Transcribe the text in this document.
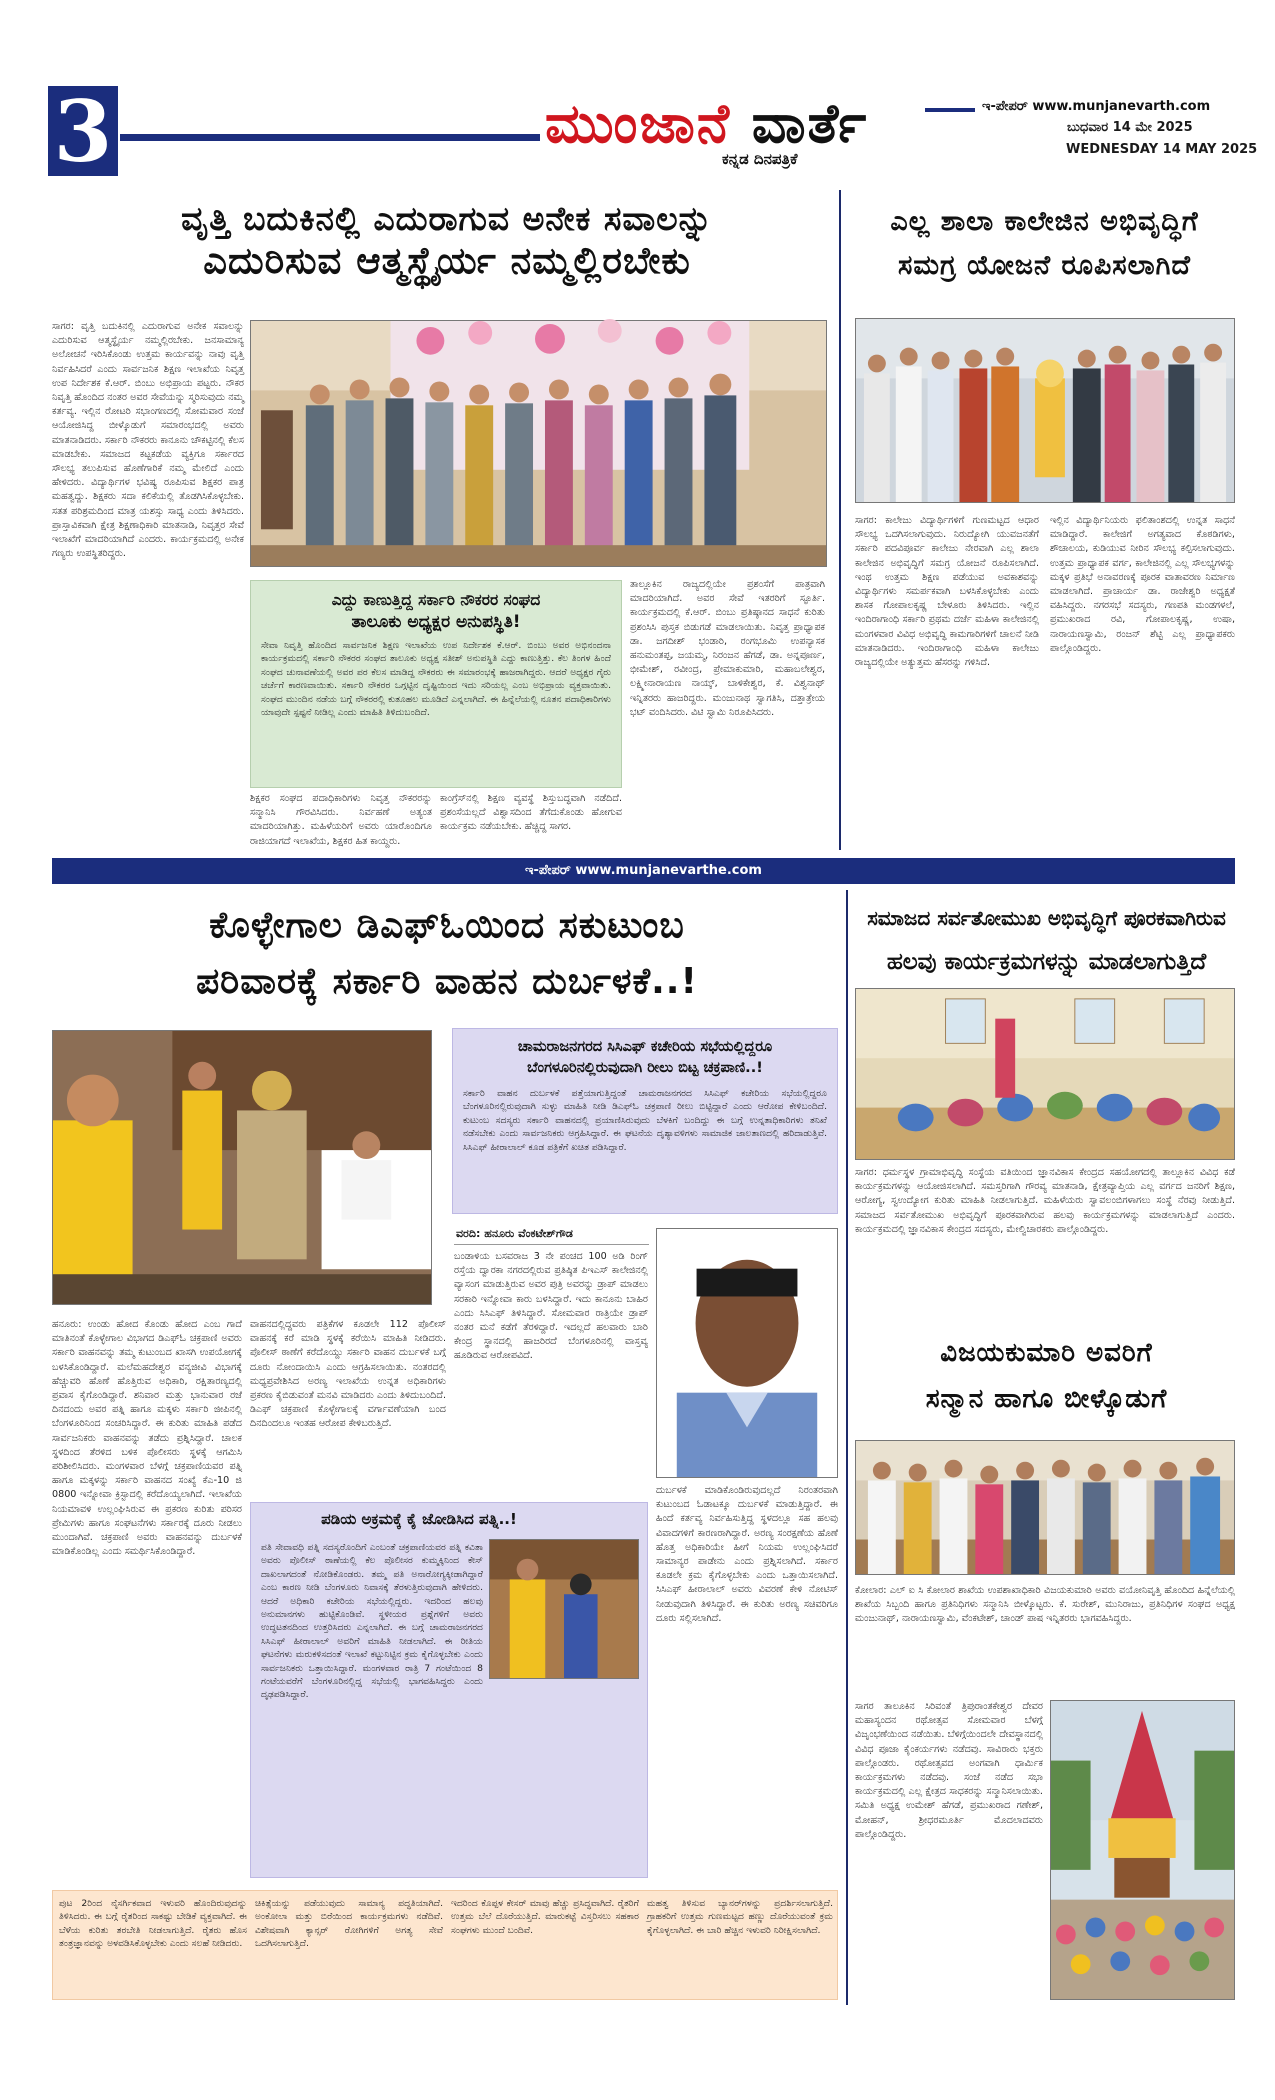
3	ಮುಂಜಾನೆ ವಾರ್ತೆ
ಕನ್ನಡ ದಿನಪತ್ರಿಕೆ
ಇ-ಪೇಪರ್ www.munjanevarth.com
ಬುಧವಾರ 14 ಮೇ 2025
WEDNESDAY 14 MAY 2025
ವೃತ್ತಿ ಬದುಕಿನಲ್ಲಿ ಎದುರಾಗುವ ಅನೇಕ ಸವಾಲನ್ನು
ಎದುರಿಸುವ ಆತ್ಮಸ್ಥೈರ್ಯ ನಮ್ಮಲ್ಲಿರಬೇಕು
ಸಾಗರ: ವೃತ್ತಿ ಬದುಕಿನಲ್ಲಿ ಎದುರಾಗುವ ಅನೇಕ ಸವಾಲನ್ನು ಎದುರಿಸುವ ಆತ್ಮಸ್ಥೈರ್ಯ ನಮ್ಮಲ್ಲಿರಬೇಕು. ಜನಸಾಮಾನ್ಯ ಅಲೋಚನೆ ಇರಿಸಿಕೊಂಡು ಉತ್ತಮ ಕಾರ್ಯವನ್ನು ನಾವು ವೃತ್ತಿ ನಿರ್ವಹಿಸಿದರೆ ಎಂದು ಸಾರ್ವಜನಿಕ ಶಿಕ್ಷಣ ಇಲಾಖೆಯ ನಿವೃತ್ತ ಉಪ ನಿರ್ದೇಶಕ ಕೆ.ಆರ್. ಬಿಂಬು ಅಭಿಪ್ರಾಯ ಪಟ್ಟರು. ನೌಕರ ನಿವೃತ್ತಿ ಹೊಂದಿದ ನಂತರ ಅವರ ಸೇವೆಯನ್ನು ಸ್ಮರಿಸುವುದು ನಮ್ಮ ಕರ್ತವ್ಯ. ಇಲ್ಲಿನ ರೋಟರಿ ಸಭಾಂಗಣದಲ್ಲಿ ಸೋಮವಾರ ಸಂಜೆ ಆಯೋಜಿಸಿದ್ದ ಬೀಳ್ಕೊಡುಗೆ ಸಮಾರಂಭದಲ್ಲಿ ಅವರು ಮಾತನಾಡಿದರು. ಸರ್ಕಾರಿ ನೌಕರರು ಕಾನೂನು ಚೌಕಟ್ಟಿನಲ್ಲಿ ಕೆಲಸ ಮಾಡಬೇಕು. ಸಮಾಜದ ಕಟ್ಟಕಡೆಯ ವ್ಯಕ್ತಿಗೂ ಸರ್ಕಾರದ ಸೌಲಭ್ಯ ತಲುಪಿಸುವ ಹೊಣೆಗಾರಿಕೆ ನಮ್ಮ ಮೇಲಿದೆ ಎಂದು ಹೇಳಿದರು. ವಿದ್ಯಾರ್ಥಿಗಳ ಭವಿಷ್ಯ ರೂಪಿಸುವ ಶಿಕ್ಷಕರ ಪಾತ್ರ ಮಹತ್ವದ್ದು. ಶಿಕ್ಷಕರು ಸದಾ ಕಲಿಕೆಯಲ್ಲಿ ತೊಡಗಿಸಿಕೊಳ್ಳಬೇಕು. ಸತತ ಪರಿಶ್ರಮದಿಂದ ಮಾತ್ರ ಯಶಸ್ಸು ಸಾಧ್ಯ ಎಂದು ತಿಳಿಸಿದರು. ಪ್ರಾಸ್ತಾವಿಕವಾಗಿ ಕ್ಷೇತ್ರ ಶಿಕ್ಷಣಾಧಿಕಾರಿ ಮಾತನಾಡಿ, ನಿವೃತ್ತರ ಸೇವೆ ಇಲಾಖೆಗೆ ಮಾದರಿಯಾಗಿದೆ ಎಂದರು. ಕಾರ್ಯಕ್ರಮದಲ್ಲಿ ಅನೇಕ ಗಣ್ಯರು ಉಪಸ್ಥಿತರಿದ್ದರು.
ಎದ್ದು ಕಾಣುತ್ತಿದ್ದ ಸರ್ಕಾರಿ ನೌಕರರ ಸಂಘದ
ತಾಲೂಕು ಅಧ್ಯಕ್ಷರ ಅನುಪಸ್ಥಿತಿ!
ಸೇವಾ ನಿವೃತ್ತಿ ಹೊಂದಿದ ಸಾರ್ವಜನಿಕ ಶಿಕ್ಷಣ ಇಲಾಖೆಯ ಉಪ ನಿರ್ದೇಶಕ ಕೆ.ಆರ್. ಬಿಂಬು ಅವರ ಅಭಿನಂದನಾ ಕಾರ್ಯಕ್ರಮದಲ್ಲಿ ಸರ್ಕಾರಿ ನೌಕರರ ಸಂಘದ ತಾಲೂಕು ಅಧ್ಯಕ್ಷ ಸತೀಶ್ ಅನುಪಸ್ಥಿತಿ ಎದ್ದು ಕಾಣುತ್ತಿತ್ತು. ಕೆಲ ತಿಂಗಳ ಹಿಂದೆ ಸಂಘದ ಚುನಾವಣೆಯಲ್ಲಿ ಅವರ ಪರ ಕೆಲಸ ಮಾಡಿದ್ದ ನೌಕರರು ಈ ಸಮಾರಂಭಕ್ಕೆ ಹಾಜರಾಗಿದ್ದರು. ಆದರೆ ಅಧ್ಯಕ್ಷರ ಗೈರು ಚರ್ಚೆಗೆ ಕಾರಣವಾಯಿತು. ಸರ್ಕಾರಿ ನೌಕರರ ಒಗ್ಗಟ್ಟಿನ ದೃಷ್ಟಿಯಿಂದ ಇದು ಸರಿಯಲ್ಲ ಎಂಬ ಅಭಿಪ್ರಾಯ ವ್ಯಕ್ತವಾಯಿತು. ಸಂಘದ ಮುಂದಿನ ನಡೆಯ ಬಗ್ಗೆ ನೌಕರರಲ್ಲಿ ಕುತೂಹಲ ಮೂಡಿದೆ ಎನ್ನಲಾಗಿದೆ. ಈ ಹಿನ್ನೆಲೆಯಲ್ಲಿ ನೂತನ ಪದಾಧಿಕಾರಿಗಳು ಯಾವುದೇ ಸ್ಪಷ್ಟನೆ ನೀಡಿಲ್ಲ ಎಂದು ಮಾಹಿತಿ ತಿಳಿದುಬಂದಿದೆ.
ಶಿಕ್ಷಕರ ಸಂಘದ ಪದಾಧಿಕಾರಿಗಳು ನಿವೃತ್ತ ನೌಕರರನ್ನು ಸನ್ಮಾನಿಸಿ ಗೌರವಿಸಿದರು. ನಿರ್ವಹಣೆ ಅತ್ಯಂತ ಮಾದರಿಯಾಗಿತ್ತು. ಮಹಿಳೆಯರಿಗೆ ಅವರು ಯಾರೊಂದಿಗೂ ರಾಜಿಯಾಗದೆ ಇಲಾಖೆಯ, ಶಿಕ್ಷಕರ ಹಿತ ಕಾಯ್ದರು.
ಕಾಂಗ್ರೆಸ್‌ನಲ್ಲಿ ಶಿಕ್ಷಣ ವ್ಯವಸ್ಥೆ ಶಿಸ್ತುಬದ್ಧವಾಗಿ ನಡೆದಿದೆ. ಪ್ರಶಂಸೆಯಲ್ಲದೆ ವಿಶ್ವಾಸದಿಂದ ತೆಗೆದುಕೊಂಡು ಹೋಗುವ ಕಾರ್ಯಕ್ರಮ ನಡೆಯಬೇಕು. ಹೆಚ್ಚಿದ್ದ ಸಾಗರ.
ತಾಲ್ಲೂಕಿನ ರಾಜ್ಯದಲ್ಲಿಯೇ ಪ್ರಶಂಸೆಗೆ ಪಾತ್ರವಾಗಿ ಮಾದರಿಯಾಗಿದೆ. ಅವರ ಸೇವೆ ಇತರರಿಗೆ ಸ್ಫೂರ್ತಿ. ಕಾರ್ಯಕ್ರಮದಲ್ಲಿ ಕೆ.ಆರ್. ಬಿಂಬು ಪ್ರತಿಷ್ಠಾನದ ಸಾಧನೆ ಕುರಿತು ಪ್ರಶಂಸಿಸಿ ಪುಸ್ತಕ ಬಿಡುಗಡೆ ಮಾಡಲಾಯಿತು. ನಿವೃತ್ತ ಪ್ರಾಧ್ಯಾಪಕ ಡಾ. ಜಗದೀಶ್ ಭಂಡಾರಿ, ರಂಗಭೂಮಿ ಉಪನ್ಯಾಸಕ ಹನುಮಂತಪ್ಪ, ಜಯಮ್ಮ, ನಿರಂಜನ ಹೆಗಡೆ, ಡಾ. ಅನ್ನಪೂರ್ಣ, ಭೀಮೇಶ್, ರವೀಂದ್ರ, ಪ್ರೇಮಾಕುಮಾರಿ, ಮಹಾಬಲೇಶ್ವರ, ಲಕ್ಷ್ಮೀನಾರಾಯಣ ನಾಯ್ಕ್, ಬಾಳಿಕೇಶ್ವರ, ಕೆ. ವಿಶ್ವನಾಥ್ ಇನ್ನಿತರರು ಹಾಜರಿದ್ದರು. ಮಂಜುನಾಥ ಸ್ವಾಗತಿಸಿ, ದತ್ತಾತ್ರೇಯ ಭಟ್ ವಂದಿಸಿದರು. ವಿಟಿ ಸ್ವಾಮಿ ನಿರೂಪಿಸಿದರು.
ಎಲ್ಲ ಶಾಲಾ ಕಾಲೇಜಿನ ಅಭಿವೃದ್ಧಿಗೆ
ಸಮಗ್ರ ಯೋಜನೆ ರೂಪಿಸಲಾಗಿದೆ
ಸಾಗರ: ಕಾಲೇಜು ವಿದ್ಯಾರ್ಥಿಗಳಿಗೆ ಗುಣಮಟ್ಟದ ಆಧಾರ ಸೌಲಭ್ಯ ಒದಗಿಸಲಾಗುವುದು. ನಿರುದ್ಯೋಗಿ ಯುವಜನತೆಗೆ ಸರ್ಕಾರಿ ಪದವಿಪೂರ್ವ ಕಾಲೇಜು ನೇರವಾಗಿ ಎಲ್ಲ ಶಾಲಾ ಕಾಲೇಜಿನ ಅಭಿವೃದ್ಧಿಗೆ ಸಮಗ್ರ ಯೋಜನೆ ರೂಪಿಸಲಾಗಿದೆ. ಇಂಥ ಉತ್ತಮ ಶಿಕ್ಷಣ ಪಡೆಯುವ ಅವಕಾಶವನ್ನು ವಿದ್ಯಾರ್ಥಿಗಳು ಸಮರ್ಪಕವಾಗಿ ಬಳಸಿಕೊಳ್ಳಬೇಕು ಎಂದು ಶಾಸಕ ಗೋಪಾಲಕೃಷ್ಣ ಬೇಳೂರು ತಿಳಿಸಿದರು. ಇಲ್ಲಿನ ಇಂದಿರಾಗಾಂಧಿ ಸರ್ಕಾರಿ ಪ್ರಥಮ ದರ್ಜೆ ಮಹಿಳಾ ಕಾಲೇಜಿನಲ್ಲಿ ಮಂಗಳವಾರ ವಿವಿಧ ಅಭಿವೃದ್ಧಿ ಕಾಮಗಾರಿಗಳಿಗೆ ಚಾಲನೆ ನೀಡಿ ಮಾತನಾಡಿದರು. ಇಂದಿರಾಗಾಂಧಿ ಮಹಿಳಾ ಕಾಲೇಜು ರಾಜ್ಯದಲ್ಲಿಯೇ ಅತ್ಯುತ್ತಮ ಹೆಸರನ್ನು ಗಳಿಸಿದೆ.
ಇಲ್ಲಿನ ವಿದ್ಯಾರ್ಥಿನಿಯರು ಫಲಿತಾಂಶದಲ್ಲಿ ಉನ್ನತ ಸಾಧನೆ ಮಾಡಿದ್ದಾರೆ. ಕಾಲೇಜಿಗೆ ಅಗತ್ಯವಾದ ಕೊಠಡಿಗಳು, ಶೌಚಾಲಯ, ಕುಡಿಯುವ ನೀರಿನ ಸೌಲಭ್ಯ ಕಲ್ಪಿಸಲಾಗುವುದು. ಉತ್ತಮ ಪ್ರಾಧ್ಯಾಪಕ ವರ್ಗ, ಕಾಲೇಜಿನಲ್ಲಿ ಎಲ್ಲ ಸೌಲಭ್ಯಗಳನ್ನು ಮಕ್ಕಳ ಪ್ರತಿಭೆ ಅನಾವರಣಕ್ಕೆ ಪೂರಕ ವಾತಾವರಣ ನಿರ್ಮಾಣ ಮಾಡಲಾಗಿದೆ. ಪ್ರಾಚಾರ್ಯ ಡಾ. ರಾಜೇಶ್ವರಿ ಅಧ್ಯಕ್ಷತೆ ವಹಿಸಿದ್ದರು. ನಗರಸಭೆ ಸದಸ್ಯರು, ಗಣಪತಿ ಮಂಡಗಳಲೆ, ಪ್ರಮುಖರಾದ ರವಿ, ಗೋಪಾಲಕೃಷ್ಣ, ಉಷಾ, ನಾರಾಯಣಸ್ವಾಮಿ, ರಂಜನ್ ಶೆಟ್ಟಿ ಎಲ್ಲ ಪ್ರಾಧ್ಯಾಪಕರು ಪಾಲ್ಗೊಂಡಿದ್ದರು.
ಇ-ಪೇಪರ್ www.munjanevarthe.com
ಕೊಳ್ಳೇಗಾಲ ಡಿಎಫ್‌ಓಯಿಂದ ಸಕುಟುಂಬ
ಪರಿವಾರಕ್ಕೆ ಸರ್ಕಾರಿ ವಾಹನ ದುರ್ಬಳಕೆ..!
ಚಾಮರಾಜನಗರದ ಸಿಸಿಎಫ್ ಕಚೇರಿಯ ಸಭೆಯಲ್ಲಿದ್ದರೂ
ಬೆಂಗಳೂರಿನಲ್ಲಿರುವುದಾಗಿ ರೀಲು ಬಿಟ್ಟ ಚಕ್ರಪಾಣಿ..!
ಸರ್ಕಾರಿ ವಾಹನ ದುರ್ಬಳಕೆ ಪತ್ತೆಯಾಗುತ್ತಿದ್ದಂತೆ ಚಾಮರಾಜನಗರದ ಸಿಸಿಎಫ್ ಕಚೇರಿಯ ಸಭೆಯಲ್ಲಿದ್ದರೂ ಬೆಂಗಳೂರಿನಲ್ಲಿರುವುದಾಗಿ ಸುಳ್ಳು ಮಾಹಿತಿ ನೀಡಿ ಡಿಎಫ್‌ಓ ಚಕ್ರಪಾಣಿ ರೀಲು ಬಿಟ್ಟಿದ್ದಾರೆ ಎಂದು ಆರೋಪ ಕೇಳಿಬಂದಿದೆ. ಕುಟುಂಬ ಸದಸ್ಯರು ಸರ್ಕಾರಿ ವಾಹನದಲ್ಲಿ ಪ್ರಯಾಣಿಸಿರುವುದು ಬೆಳಕಿಗೆ ಬಂದಿದ್ದು ಈ ಬಗ್ಗೆ ಉನ್ನತಾಧಿಕಾರಿಗಳು ತನಿಖೆ ನಡೆಸಬೇಕು ಎಂದು ಸಾರ್ವಜನಿಕರು ಆಗ್ರಹಿಸಿದ್ದಾರೆ. ಈ ಘಟನೆಯ ದೃಶ್ಯಾವಳಿಗಳು ಸಾಮಾಜಿಕ ಜಾಲತಾಣದಲ್ಲಿ ಹರಿದಾಡುತ್ತಿವೆ. ಸಿಸಿಎಫ್ ಹೀರಾಲಾಲ್ ಕೂಡ ಪತ್ರಿಕೆಗೆ ಖಚಿತ ಪಡಿಸಿದ್ದಾರೆ.
ವರದಿ: ಹನೂರು ವೆಂಕಟೇಶ್‌ಗೌಡ
ಹನೂರು: ಉಂಡು ಹೋದ ಕೊಂಡು ಹೋದ ಎಂಬ ಗಾದೆ ಮಾತಿನಂತೆ ಕೊಳ್ಳೇಗಾಲ ವಿಭಾಗದ ಡಿಎಫ್‌ಓ ಚಕ್ರಪಾಣಿ ಅವರು ಸರ್ಕಾರಿ ವಾಹನವನ್ನು ತಮ್ಮ ಕುಟುಂಬದ ಖಾಸಗಿ ಉಪಯೋಗಕ್ಕೆ ಬಳಸಿಕೊಂಡಿದ್ದಾರೆ. ಮಲೆಮಹದೇಶ್ವರ ವನ್ಯಜೀವಿ ವಿಭಾಗಕ್ಕೆ ಹೆಚ್ಚುವರಿ ಹೊಣೆ ಹೊತ್ತಿರುವ ಅಧಿಕಾರಿ, ರಕ್ಷಿತಾರಣ್ಯದಲ್ಲಿ ಪ್ರವಾಸ ಕೈಗೊಂಡಿದ್ದಾರೆ. ಶನಿವಾರ ಮತ್ತು ಭಾನುವಾರ ರಜೆ ದಿನದಂದು ಅವರ ಪತ್ನಿ ಹಾಗೂ ಮಕ್ಕಳು ಸರ್ಕಾರಿ ಜೀಪಿನಲ್ಲಿ ಬೆಂಗಳೂರಿನಿಂದ ಸಂಚರಿಸಿದ್ದಾರೆ. ಈ ಕುರಿತು ಮಾಹಿತಿ ಪಡೆದ ಸಾರ್ವಜನಿಕರು ವಾಹನವನ್ನು ತಡೆದು ಪ್ರಶ್ನಿಸಿದ್ದಾರೆ. ಚಾಲಕ ಸ್ಥಳದಿಂದ ತೆರಳಿದ ಬಳಿಕ ಪೊಲೀಸರು ಸ್ಥಳಕ್ಕೆ ಆಗಮಿಸಿ ಪರಿಶೀಲಿಸಿದರು. ಮಂಗಳವಾರ ಬೆಳಗ್ಗೆ ಚಕ್ರಪಾಣಿಯವರ ಪತ್ನಿ ಹಾಗೂ ಮಕ್ಕಳನ್ನು ಸರ್ಕಾರಿ ವಾಹನದ ಸಂಖ್ಯೆ ಕೆಎ-10 ಜಿ 0800 ಇನ್ನೋವಾ ಕ್ರಿಸ್ಟಾದಲ್ಲಿ ಕರೆದೊಯ್ಯಲಾಗಿದೆ. ಇಲಾಖೆಯ ನಿಯಮಾವಳಿ ಉಲ್ಲಂಘಿಸಿರುವ ಈ ಪ್ರಕರಣ ಕುರಿತು ಪರಿಸರ ಪ್ರೇಮಿಗಳು ಹಾಗೂ ಸಂಘಟನೆಗಳು ಸರ್ಕಾರಕ್ಕೆ ದೂರು ನೀಡಲು ಮುಂದಾಗಿವೆ. ಚಕ್ರಪಾಣಿ ಅವರು ವಾಹನವನ್ನು ದುರ್ಬಳಕೆ ಮಾಡಿಕೊಂಡಿಲ್ಲ ಎಂದು ಸಮರ್ಥಿಸಿಕೊಂಡಿದ್ದಾರೆ.
ವಾಹನದಲ್ಲಿದ್ದವರು ಪತ್ರಿಕೆಗಳ ಕೂಡಲೇ 112 ಪೊಲೀಸ್ ವಾಹನಕ್ಕೆ ಕರೆ ಮಾಡಿ ಸ್ಥಳಕ್ಕೆ ಕರೆಯಿಸಿ ಮಾಹಿತಿ ನೀಡಿದರು. ಪೊಲೀಸ್ ಠಾಣೆಗೆ ಕರೆದೊಯ್ದು ಸರ್ಕಾರಿ ವಾಹನ ದುರ್ಬಳಕೆ ಬಗ್ಗೆ ದೂರು ನೋಂದಾಯಿಸಿ ಎಂದು ಆಗ್ರಹಿಸಲಾಯಿತು. ನಂತರದಲ್ಲಿ ಮಧ್ಯಪ್ರವೇಶಿಸಿದ ಅರಣ್ಯ ಇಲಾಖೆಯ ಉನ್ನತ ಅಧಿಕಾರಿಗಳು ಪ್ರಕರಣ ಕೈಬಿಡುವಂತೆ ಮನವಿ ಮಾಡಿದರು ಎಂದು ತಿಳಿದುಬಂದಿದೆ. ಡಿಎಫ್ ಚಕ್ರಪಾಣಿ ಕೊಳ್ಳೇಗಾಲಕ್ಕೆ ವರ್ಗಾವಣೆಯಾಗಿ ಬಂದ ದಿನದಿಂದಲೂ ಇಂತಹ ಆರೋಪ ಕೇಳಿಬರುತ್ತಿದೆ.
ಬಂಡಾಳಿಯ ಬಸವರಾಜ 3 ನೇ ಪಂಚದ 100 ಅಡಿ ರಿಂಗ್ ರಸ್ತೆಯ ದ್ವಾರಕಾ ನಗರದಲ್ಲಿರುವ ಪ್ರತಿಷ್ಠಿತ ಪಿಇಎಸ್ ಕಾಲೇಜಿನಲ್ಲಿ ವ್ಯಾಸಂಗ ಮಾಡುತ್ತಿರುವ ಅವರ ಪುತ್ರಿ ಅವರನ್ನು ಡ್ರಾಪ್ ಮಾಡಲು ಸರಕಾರಿ ಇನ್ನೋವಾ ಕಾರು ಬಳಸಿದ್ದಾರೆ. ಇದು ಕಾನೂನು ಬಾಹಿರ ಎಂದು ಸಿಸಿಎಫ್ ತಿಳಿಸಿದ್ದಾರೆ. ಸೋಮವಾರ ರಾತ್ರಿಯೇ ಡ್ರಾಪ್ ನಂತರ ಮನೆ ಕಡೆಗೆ ತೆರಳಿದ್ದಾರೆ. ಇದಲ್ಲದೆ ಹಲವಾರು ಬಾರಿ ಕೇಂದ್ರ ಸ್ಥಾನದಲ್ಲಿ ಹಾಜರಿರದೆ ಬೆಂಗಳೂರಿನಲ್ಲಿ ವಾಸ್ತವ್ಯ ಹೂಡಿರುವ ಆರೋಪವಿದೆ.
ದುರ್ಬಳಕೆ ಮಾಡಿಕೊಂಡಿರುವುದಲ್ಲದೆ ನಿರಂತರವಾಗಿ ಕುಟುಂಬದ ಓಡಾಟಕ್ಕೂ ದುರ್ಬಳಕೆ ಮಾಡುತ್ತಿದ್ದಾರೆ. ಈ ಹಿಂದೆ ಕರ್ತವ್ಯ ನಿರ್ವಹಿಸುತ್ತಿದ್ದ ಸ್ಥಳದಲ್ಲೂ ಸಹ ಹಲವು ವಿವಾದಗಳಿಗೆ ಕಾರಣರಾಗಿದ್ದಾರೆ. ಅರಣ್ಯ ಸಂರಕ್ಷಣೆಯ ಹೊಣೆ ಹೊತ್ತ ಅಧಿಕಾರಿಯೇ ಹೀಗೆ ನಿಯಮ ಉಲ್ಲಂಘಿಸಿದರೆ ಸಾಮಾನ್ಯರ ಪಾಡೇನು ಎಂದು ಪ್ರಶ್ನಿಸಲಾಗಿದೆ. ಸರ್ಕಾರ ಕೂಡಲೇ ಕ್ರಮ ಕೈಗೊಳ್ಳಬೇಕು ಎಂದು ಒತ್ತಾಯಿಸಲಾಗಿದೆ. ಸಿಸಿಎಫ್ ಹೀರಾಲಾಲ್ ಅವರು ವಿವರಣೆ ಕೇಳಿ ನೋಟಿಸ್ ನೀಡುವುದಾಗಿ ತಿಳಿಸಿದ್ದಾರೆ. ಈ ಕುರಿತು ಅರಣ್ಯ ಸಚಿವರಿಗೂ ದೂರು ಸಲ್ಲಿಸಲಾಗಿದೆ.
ಪಡಿಯ ಅಕ್ರಮಕ್ಕೆ ಕೈ ಜೋಡಿಸಿದ ಪತ್ನಿ..!
ಪತಿ ಸೇವಾವಧಿ ಪತ್ನಿ ಸದಸ್ಯರೊಂದಿಗೆ ಎಂಬಂತೆ ಚಕ್ರಪಾಣಿಯವರ ಪತ್ನಿ ಕವಿತಾ ಅವರು ಪೊಲೀಸ್ ಠಾಣೆಯಲ್ಲಿ ಕೆಲ ಪೊಲೀಸರ ಕುಮ್ಮಕ್ಕಿನಿಂದ ಕೇಸ್ ದಾಖಲಾಗದಂತೆ ನೋಡಿಕೊಂಡರು. ತಮ್ಮ ಪತಿ ಅನಾರೋಗ್ಯಕ್ಕೀಡಾಗಿದ್ದಾರೆ ಎಂಬ ಕಾರಣ ನೀಡಿ ಬೆಂಗಳೂರು ನಿವಾಸಕ್ಕೆ ತೆರಳುತ್ತಿರುವುದಾಗಿ ಹೇಳಿದರು. ಆದರೆ ಅಧಿಕಾರಿ ಕಚೇರಿಯ ಸಭೆಯಲ್ಲಿದ್ದರು. ಇದರಿಂದ ಹಲವು ಅನುಮಾನಗಳು ಹುಟ್ಟಿಕೊಂಡಿವೆ. ಸ್ಥಳೀಯರ ಪ್ರಶ್ನೆಗಳಿಗೆ ಅವರು ಉದ್ಧಟತನದಿಂದ ಉತ್ತರಿಸಿದರು ಎನ್ನಲಾಗಿದೆ. ಈ ಬಗ್ಗೆ ಚಾಮರಾಜನಗರದ ಸಿಸಿಎಫ್ ಹೀರಾಲಾಲ್ ಅವರಿಗೆ ಮಾಹಿತಿ ನೀಡಲಾಗಿದೆ. ಈ ರೀತಿಯ ಘಟನೆಗಳು ಮರುಕಳಿಸದಂತೆ ಇಲಾಖೆ ಕಟ್ಟುನಿಟ್ಟಿನ ಕ್ರಮ ಕೈಗೊಳ್ಳಬೇಕು ಎಂದು ಸಾರ್ವಜನಿಕರು ಒತ್ತಾಯಿಸಿದ್ದಾರೆ. ಮಂಗಳವಾರ ರಾತ್ರಿ 7 ಗಂಟೆಯಿಂದ 8 ಗಂಟೆಯವರೆಗೆ ಬೆಂಗಳೂರಿನಲ್ಲಿದ್ದ ಸಭೆಯಲ್ಲಿ ಭಾಗವಹಿಸಿದ್ದರು ಎಂದು ದೃಢಪಡಿಸಿದ್ದಾರೆ.
ಪುಟ 2ರಿಂದ ನೈಸರ್ಗಿಕವಾದ ಇಳುವರಿ ಹೊಂದಿರುವುದನ್ನು ತಿಳಿಸಿದರು. ಈ ಬಗ್ಗೆ ರೈತರಿಂದ ಸಾಕಷ್ಟು ಬೇಡಿಕೆ ವ್ಯಕ್ತವಾಗಿದೆ. ಈ ಬೆಳೆಯ ಕುರಿತು ತರಬೇತಿ ನೀಡಲಾಗುತ್ತಿದೆ. ರೈತರು ಹೊಸ ತಂತ್ರಜ್ಞಾನವನ್ನು ಅಳವಡಿಸಿಕೊಳ್ಳಬೇಕು ಎಂದು ಸಲಹೆ ನೀಡಿದರು.
ಚಿಕಿತ್ಸೆಯನ್ನು ಪಡೆಯುವುದು ಸಾಮಾನ್ಯ ಪದ್ಧತಿಯಾಗಿದೆ. ಅಂಕೋಲಾ ಮತ್ತು ಬಿರೆಯಿಂದ ಕಾರ್ಯಕ್ರಮಗಳು ನಡೆದಿವೆ. ವಿಶೇಷವಾಗಿ ಕ್ಯಾನ್ಸರ್ ರೋಗಿಗಳಿಗೆ ಅಗತ್ಯ ಸೇವೆ ಒದಗಿಸಲಾಗುತ್ತಿದೆ.
ಇದರಿಂದ ಕೊಪ್ಪಳ ಕೇಸರ್ ಮಾವು ಹೆಚ್ಚು ಪ್ರಸಿದ್ಧವಾಗಿದೆ. ರೈತರಿಗೆ ಉತ್ತಮ ಬೆಲೆ ದೊರೆಯುತ್ತಿದೆ. ಮಾರುಕಟ್ಟೆ ವಿಸ್ತರಿಸಲು ಸಹಕಾರ ಸಂಘಗಳು ಮುಂದೆ ಬಂದಿವೆ.
ಮಹತ್ವ ತಿಳಿಸುವ ಬ್ಯಾನರ್‌ಗಳನ್ನು ಪ್ರದರ್ಶಿಸಲಾಗುತ್ತಿದೆ. ಗ್ರಾಹಕರಿಗೆ ಉತ್ತಮ ಗುಣಮಟ್ಟದ ಹಣ್ಣು ದೊರೆಯುವಂತೆ ಕ್ರಮ ಕೈಗೊಳ್ಳಲಾಗಿದೆ. ಈ ಬಾರಿ ಹೆಚ್ಚಿನ ಇಳುವರಿ ನಿರೀಕ್ಷಿಸಲಾಗಿದೆ.
ಸಮಾಜದ ಸರ್ವತೋಮುಖ ಅಭಿವೃದ್ಧಿಗೆ ಪೂರಕವಾಗಿರುವ
ಹಲವು ಕಾರ್ಯಕ್ರಮಗಳನ್ನು ಮಾಡಲಾಗುತ್ತಿದೆ
ಸಾಗರ: ಧರ್ಮಸ್ಥಳ ಗ್ರಾಮಾಭಿವೃದ್ಧಿ ಸಂಸ್ಥೆಯ ವತಿಯಿಂದ ಜ್ಞಾನವಿಕಾಸ ಕೇಂದ್ರದ ಸಹಯೋಗದಲ್ಲಿ ತಾಲ್ಲೂಕಿನ ವಿವಿಧ ಕಡೆ ಕಾರ್ಯಕ್ರಮಗಳನ್ನು ಆಯೋಜಿಸಲಾಗಿದೆ. ಸಮಸ್ತರಿಗಾಗಿ ಗೌರವ್ಯ ಮಾತನಾಡಿ, ಕ್ಷೇತ್ರವ್ಯಾಪ್ತಿಯ ಎಲ್ಲ ವರ್ಗದ ಜನರಿಗೆ ಶಿಕ್ಷಣ, ಆರೋಗ್ಯ, ಸ್ವಉದ್ಯೋಗ ಕುರಿತು ಮಾಹಿತಿ ನೀಡಲಾಗುತ್ತಿದೆ. ಮಹಿಳೆಯರು ಸ್ವಾವಲಂಬಿಗಳಾಗಲು ಸಂಸ್ಥೆ ನೆರವು ನೀಡುತ್ತಿದೆ. ಸಮಾಜದ ಸರ್ವತೋಮುಖ ಅಭಿವೃದ್ಧಿಗೆ ಪೂರಕವಾಗಿರುವ ಹಲವು ಕಾರ್ಯಕ್ರಮಗಳನ್ನು ಮಾಡಲಾಗುತ್ತಿದೆ ಎಂದರು. ಕಾರ್ಯಕ್ರಮದಲ್ಲಿ ಜ್ಞಾನವಿಕಾಸ ಕೇಂದ್ರದ ಸದಸ್ಯರು, ಮೇಲ್ವಿಚಾರಕರು ಪಾಲ್ಗೊಂಡಿದ್ದರು.
ವಿಜಯಕುಮಾರಿ ಅವರಿಗೆ
ಸನ್ಮಾನ ಹಾಗೂ ಬೀಳ್ಕೊಡುಗೆ
ಕೋಲಾರ: ಎಲ್ ಐ ಸಿ ಕೋಲಾರ ಶಾಖೆಯ ಉಪಶಾಖಾಧಿಕಾರಿ ವಿಜಯಕುಮಾರಿ ಅವರು ವಯೋನಿವೃತ್ತಿ ಹೊಂದಿದ ಹಿನ್ನೆಲೆಯಲ್ಲಿ ಶಾಖೆಯ ಸಿಬ್ಬಂದಿ ಹಾಗೂ ಪ್ರತಿನಿಧಿಗಳು ಸನ್ಮಾನಿಸಿ ಬೀಳ್ಕೊಟ್ಟರು. ಕೆ. ಸುರೇಶ್, ಮುನಿರಾಜು, ಪ್ರತಿನಿಧಿಗಳ ಸಂಘದ ಅಧ್ಯಕ್ಷ ಮಂಜುನಾಥ್, ನಾರಾಯಣಸ್ವಾಮಿ, ವೆಂಕಟೇಶ್, ಚಾಂಡ್ ಪಾಷ ಇನ್ನಿತರರು ಭಾಗವಹಿಸಿದ್ದರು.
ಸಾಗರ ತಾಲೂಕಿನ ಸಿರಿವಂತೆ ತ್ರಿಪುರಾಂತಕೇಶ್ವರ ದೇವರ ಮಹಾಸ್ಯಂದನ ರಥೋತ್ಸವ ಸೋಮವಾರ ಬೆಳಗ್ಗೆ ವಿಜೃಂಭಣೆಯಿಂದ ನಡೆಯಿತು. ಬೆಳಿಗ್ಗೆಯಿಂದಲೇ ದೇವಸ್ಥಾನದಲ್ಲಿ ವಿವಿಧ ಪೂಜಾ ಕೈಂಕರ್ಯಗಳು ನಡೆದವು. ಸಾವಿರಾರು ಭಕ್ತರು ಪಾಲ್ಗೊಂಡರು. ರಥೋತ್ಸವದ ಅಂಗವಾಗಿ ಧಾರ್ಮಿಕ ಕಾರ್ಯಕ್ರಮಗಳು ನಡೆದವು. ಸಂಜೆ ನಡೆದ ಸಭಾ ಕಾರ್ಯಕ್ರಮದಲ್ಲಿ ಎಲ್ಲ ಕ್ಷೇತ್ರದ ಸಾಧಕರನ್ನು ಸನ್ಮಾನಿಸಲಾಯಿತು. ಸಮಿತಿ ಅಧ್ಯಕ್ಷ ಉಮೇಶ್ ಹೆಗಡೆ, ಪ್ರಮುಖರಾದ ಗಣೇಶ್, ಮೋಹನ್, ಶ್ರೀಧರಮೂರ್ತಿ ಮೊದಲಾದವರು ಪಾಲ್ಗೊಂಡಿದ್ದರು.
